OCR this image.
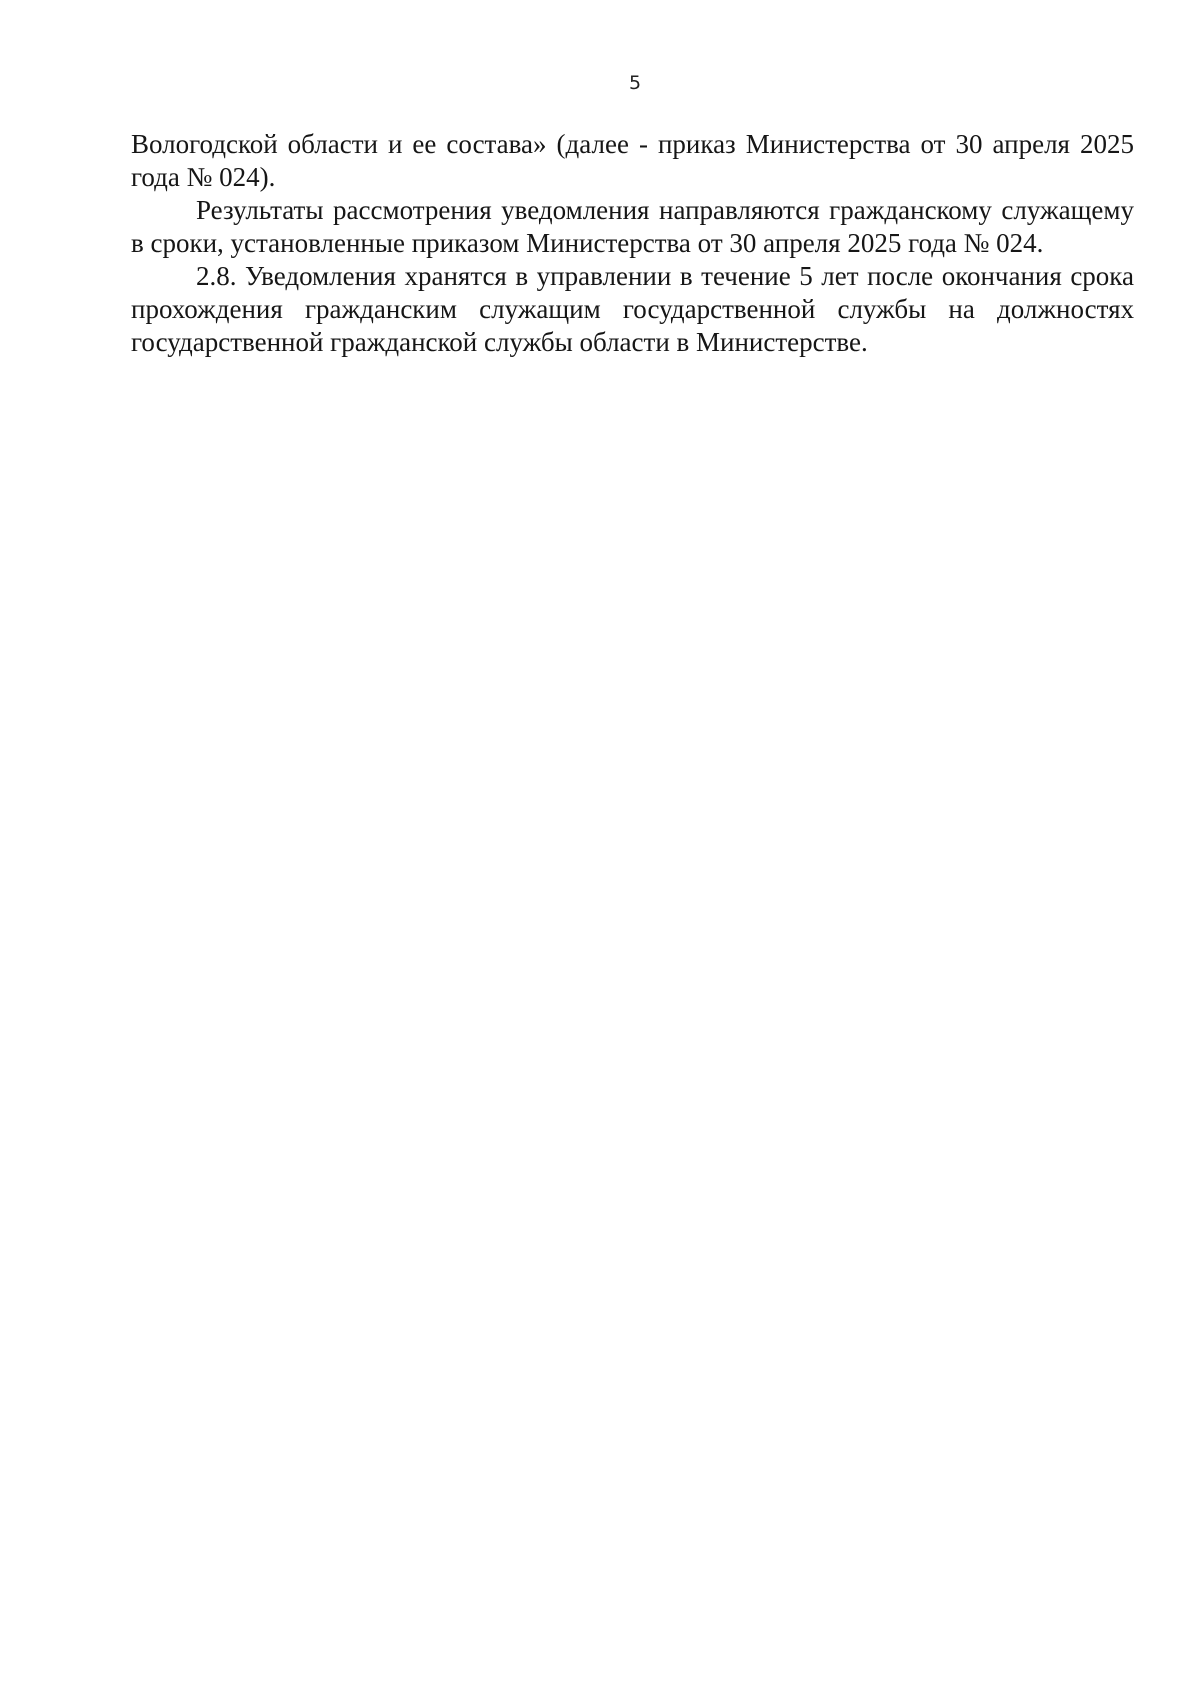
5

Вологодской области и ее состава» (далее - приказ Министерства от 30 апреля 2025 года № 024).

Результаты рассмотрения уведомления направляются гражданскому служащему в сроки, установленные приказом Министерства от 30 апреля 2025 года № 024.

2.8. Уведомления хранятся в управлении в течение 5 лет после окончания срока прохождения гражданским служащим государственной службы на должностях государственной гражданской службы области в Министерстве.
